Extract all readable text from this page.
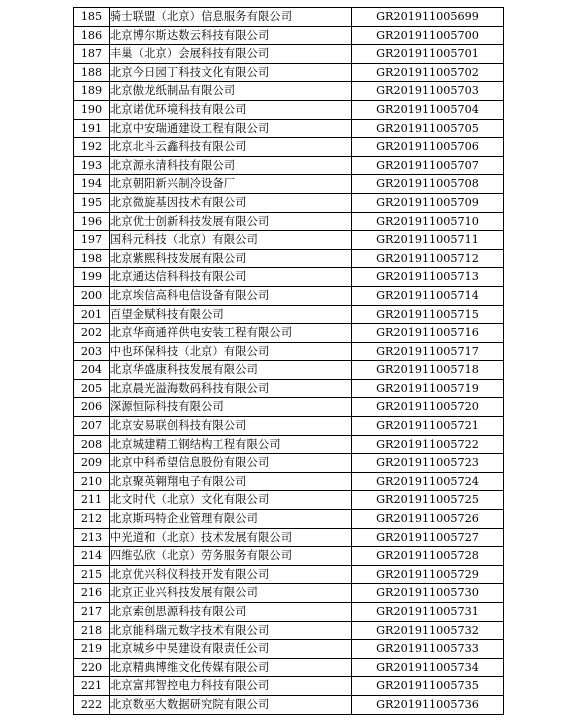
185	骑士联盟（北京）信息服务有限公司	GR201911005699
186	北京博尔斯达数云科技有限公司	GR201911005700
187	丰巢（北京）会展科技有限公司	GR201911005701
188	北京今日园丁科技文化有限公司	GR201911005702
189	北京傲龙纸制品有限公司	GR201911005703
190	北京诺优环境科技有限公司	GR201911005704
191	北京中安瑞通建设工程有限公司	GR201911005705
192	北京北斗云鑫科技有限公司	GR201911005706
193	北京源永清科技有限公司	GR201911005707
194	北京朝阳新兴制冷设备厂	GR201911005708
195	北京微旋基因技术有限公司	GR201911005709
196	北京优士创新科技发展有限公司	GR201911005710
197	国科元科技（北京）有限公司	GR201911005711
198	北京紫熙科技发展有限公司	GR201911005712
199	北京通达信科科技有限公司	GR201911005713
200	北京埃信高科电信设备有限公司	GR201911005714
201	百望金赋科技有限公司	GR201911005715
202	北京华商通祥供电安装工程有限公司	GR201911005716
203	中也环保科技（北京）有限公司	GR201911005717
204	北京华盛康科技发展有限公司	GR201911005718
205	北京晨光溢海数码科技有限公司	GR201911005719
206	深源恒际科技有限公司	GR201911005720
207	北京安易联创科技有限公司	GR201911005721
208	北京城建精工钢结构工程有限公司	GR201911005722
209	北京中科希望信息股份有限公司	GR201911005723
210	北京聚英翱翔电子有限公司	GR201911005724
211	北文时代（北京）文化有限公司	GR201911005725
212	北京斯玛特企业管理有限公司	GR201911005726
213	中光道和（北京）技术发展有限公司	GR201911005727
214	四维弘欣（北京）劳务服务有限公司	GR201911005728
215	北京优兴科仪科技开发有限公司	GR201911005729
216	北京正业兴科技发展有限公司	GR201911005730
217	北京索创思源科技有限公司	GR201911005731
218	北京能科瑞元数字技术有限公司	GR201911005732
219	北京城乡中昊建设有限责任公司	GR201911005733
220	北京精典博维文化传媒有限公司	GR201911005734
221	北京富邦智控电力科技有限公司	GR201911005735
222	北京数巫大数据研究院有限公司	GR201911005736
